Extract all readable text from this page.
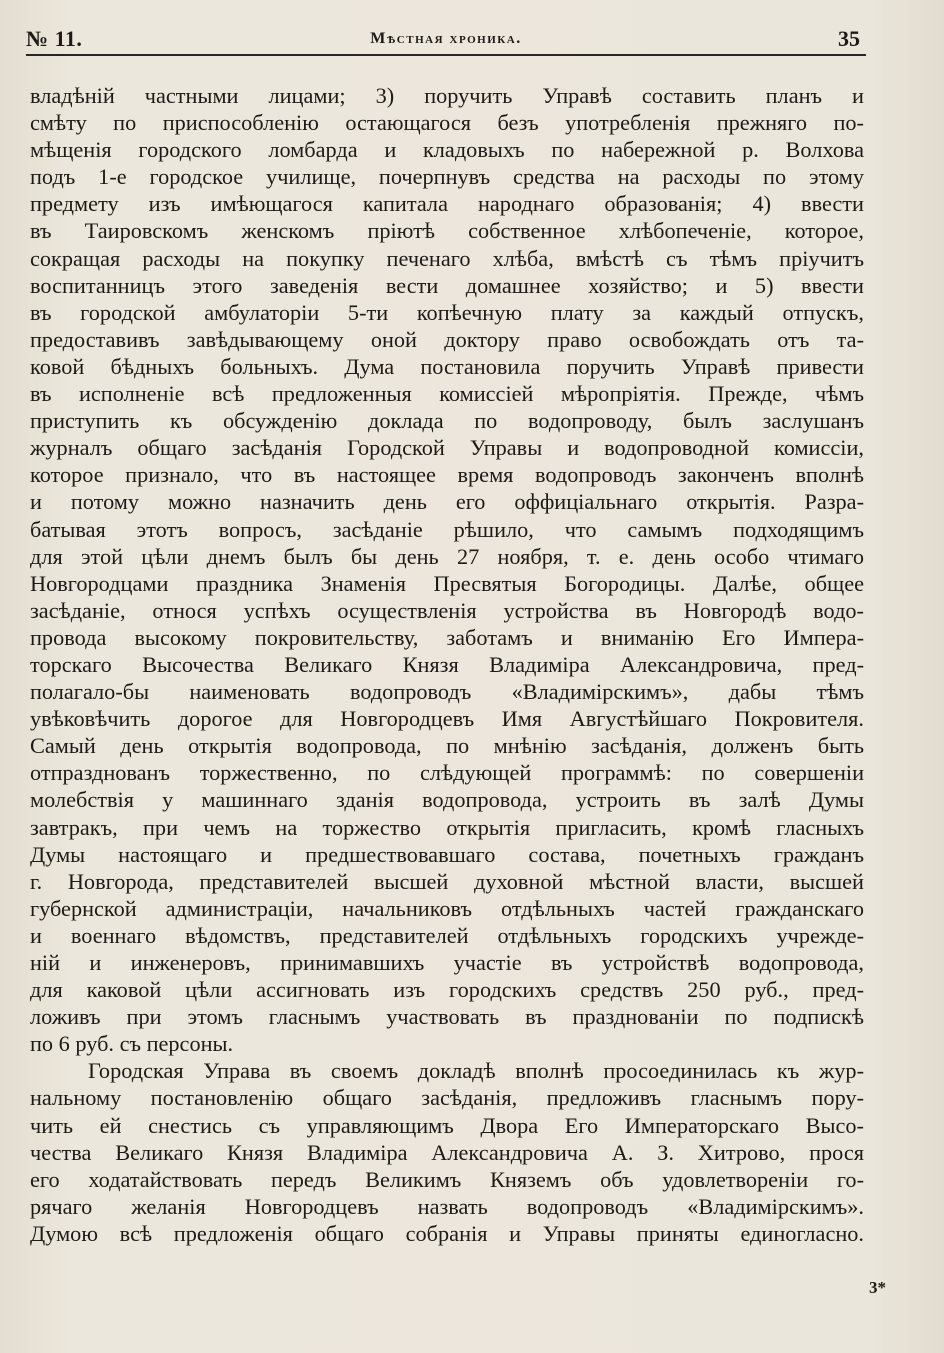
№ 11.	Мѣстная хроника.	35
владѣній частными лицами; 3) поручить Управѣ составить планъ и
смѣту по приспособленію остающагося безъ употребленія прежняго по-
мѣщенія городского ломбарда и кладовыхъ по набережной р. Волхова
подъ 1-е городское училище, почерпнувъ средства на расходы по этому
предмету изъ имѣющагося капитала народнаго образованія; 4) ввести
въ Таировскомъ женскомъ пріютѣ собственное хлѣбопеченіе, которое,
сокращая расходы на покупку печенаго хлѣба, вмѣстѣ съ тѣмъ пріучитъ
воспитанницъ этого заведенія вести домашнее хозяйство; и 5) ввести
въ городской амбулаторіи 5-ти копѣечную плату за каждый отпускъ,
предоставивъ завѣдывающему оной доктору право освобождать отъ та-
ковой бѣдныхъ больныхъ. Дума постановила поручить Управѣ привести
въ исполненіе всѣ предложенныя комиссіей мѣропріятія. Прежде, чѣмъ
приступить къ обсужденію доклада по водопроводу, былъ заслушанъ
журналъ общаго засѣданія Городской Управы и водопроводной комиссіи,
которое признало, что въ настоящее время водопроводъ законченъ вполнѣ
и потому можно назначить день его оффиціальнаго открытія. Разра-
батывая этотъ вопросъ, засѣданіе рѣшило, что самымъ подходящимъ
для этой цѣли днемъ былъ бы день 27 ноября, т. е. день особо чтимаго
Новгородцами праздника Знаменія Пресвятыя Богородицы. Далѣе, общее
засѣданіе, относя успѣхъ осуществленія устройства въ Новгородѣ водо-
провода высокому покровительству, заботамъ и вниманію Его Импера-
торскаго Высочества Великаго Князя Владиміра Александровича, пред-
полагало-бы наименовать водопроводъ «Владимірскимъ», дабы тѣмъ
увѣковѣчить дорогое для Новгородцевъ Имя Августѣйшаго Покровителя.
Самый день открытія водопровода, по мнѣнію засѣданія, долженъ быть
отпразднованъ торжественно, по слѣдующей программѣ: по совершеніи
молебствія у машиннаго зданія водопровода, устроить въ залѣ Думы
завтракъ, при чемъ на торжество открытія пригласить, кромѣ гласныхъ
Думы настоящаго и предшествовавшаго состава, почетныхъ гражданъ
г. Новгорода, представителей высшей духовной мѣстной власти, высшей
губернской администраціи, начальниковъ отдѣльныхъ частей гражданскаго
и военнаго вѣдомствъ, представителей отдѣльныхъ городскихъ учрежде-
ній и инженеровъ, принимавшихъ участіе въ устройствѣ водопровода,
для каковой цѣли ассигновать изъ городскихъ средствъ 250 руб., пред-
ложивъ при этомъ гласнымъ участвовать въ празднованіи по подпискѣ
по 6 руб. съ персоны.
Городская Управа въ своемъ докладѣ вполнѣ просоединилась къ жур-
нальному постановленію общаго засѣданія, предложивъ гласнымъ пору-
чить ей снестись съ управляющимъ Двора Его Императорскаго Высо-
чества Великаго Князя Владиміра Александровича А. З. Хитрово, прося
его ходатайствовать передъ Великимъ Княземъ объ удовлетвореніи го-
рячаго желанія Новгородцевъ назвать водопроводъ «Владимірскимъ».
Думою всѣ предложенія общаго собранія и Управы приняты единогласно.
3*
